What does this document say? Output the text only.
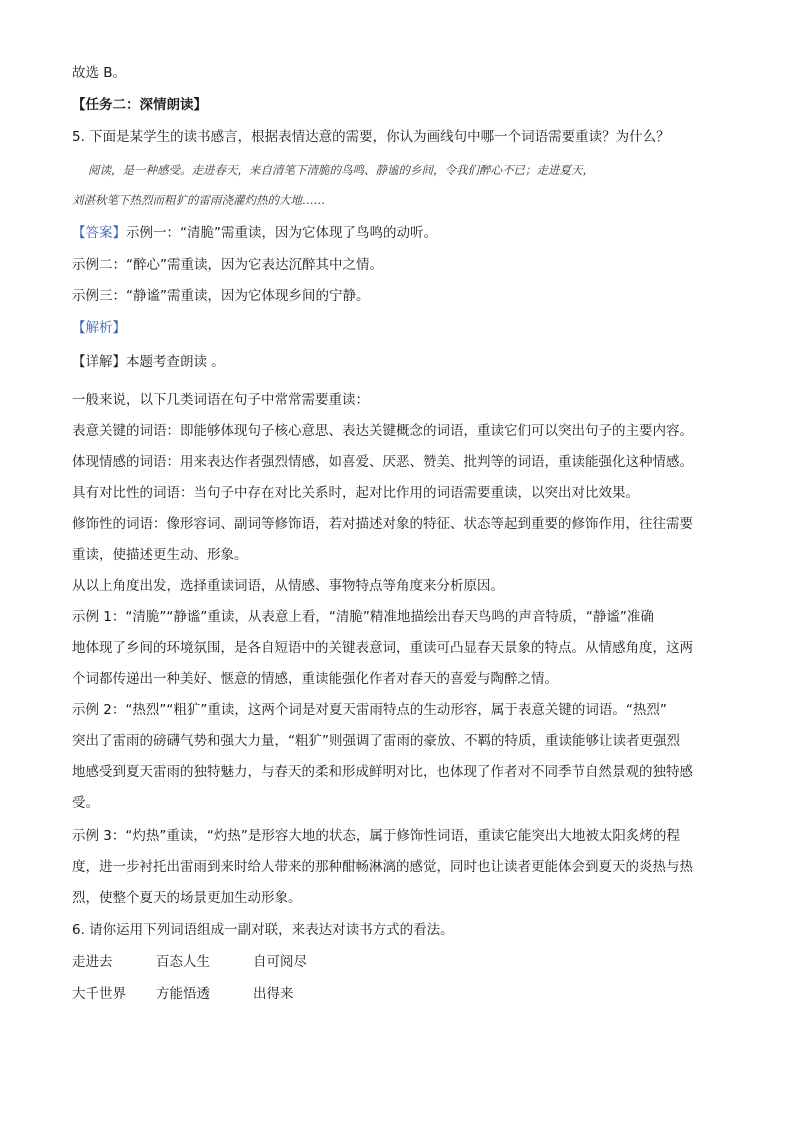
故选 B。
【任务二：深情朗读】
5. 下面是某学生的读书感言，根据表情达意的需要，你认为画线句中哪一个词语需要重读？为什么？
阅读，是一种感受。走进春天，来自清笔下清脆的鸟鸣、静谧的乡间，令我们醉心不已；走进夏天，
刘湛秋笔下热烈而粗犷的雷雨浇灌灼热的大地……
【答案】示例一：“清脆”需重读，因为它体现了鸟鸣的动听。
示例二：“醉心”需重读，因为它表达沉醉其中之情。
示例三：“静谧”需重读，因为它体现乡间的宁静。
【解析】
【详解】本题考查朗读 。
一般来说，以下几类词语在句子中常常需要重读：
表意关键的词语：即能够体现句子核心意思、表达关键概念的词语，重读它们可以突出句子的主要内容。
体现情感的词语：用来表达作者强烈情感，如喜爱、厌恶、赞美、批判等的词语，重读能强化这种情感。
具有对比性的词语：当句子中存在对比关系时，起对比作用的词语需要重读，以突出对比效果。
修饰性的词语：像形容词、副词等修饰语，若对描述对象的特征、状态等起到重要的修饰作用，往往需要
重读，使描述更生动、形象。
从以上角度出发，选择重读词语，从情感、事物特点等角度来分析原因。
示例 1：“清脆”“静谧”重读，从表意上看，“清脆”精准地描绘出春天鸟鸣的声音特质，“静谧”准确
地体现了乡间的环境氛围，是各自短语中的关键表意词，重读可凸显春天景象的特点。从情感角度，这两
个词都传递出一种美好、惬意的情感，重读能强化作者对春天的喜爱与陶醉之情。
示例 2：“热烈”“粗犷”重读，这两个词是对夏天雷雨特点的生动形容，属于表意关键的词语。“热烈”
突出了雷雨的磅礴气势和强大力量，“粗犷”则强调了雷雨的豪放、不羁的特质，重读能够让读者更强烈
地感受到夏天雷雨的独特魅力，与春天的柔和形成鲜明对比，也体现了作者对不同季节自然景观的独特感
受。
示例 3：“灼热”重读，“灼热”是形容大地的状态，属于修饰性词语，重读它能突出大地被太阳炙烤的程
度，进一步衬托出雷雨到来时给人带来的那种酣畅淋漓的感觉，同时也让读者更能体会到夏天的炎热与热
烈，使整个夏天的场景更加生动形象。
6. 请你运用下列词语组成一副对联，来表达对读书方式的看法。
走进去	百态人生	自可阅尽
大千世界 方能悟透	出得来
